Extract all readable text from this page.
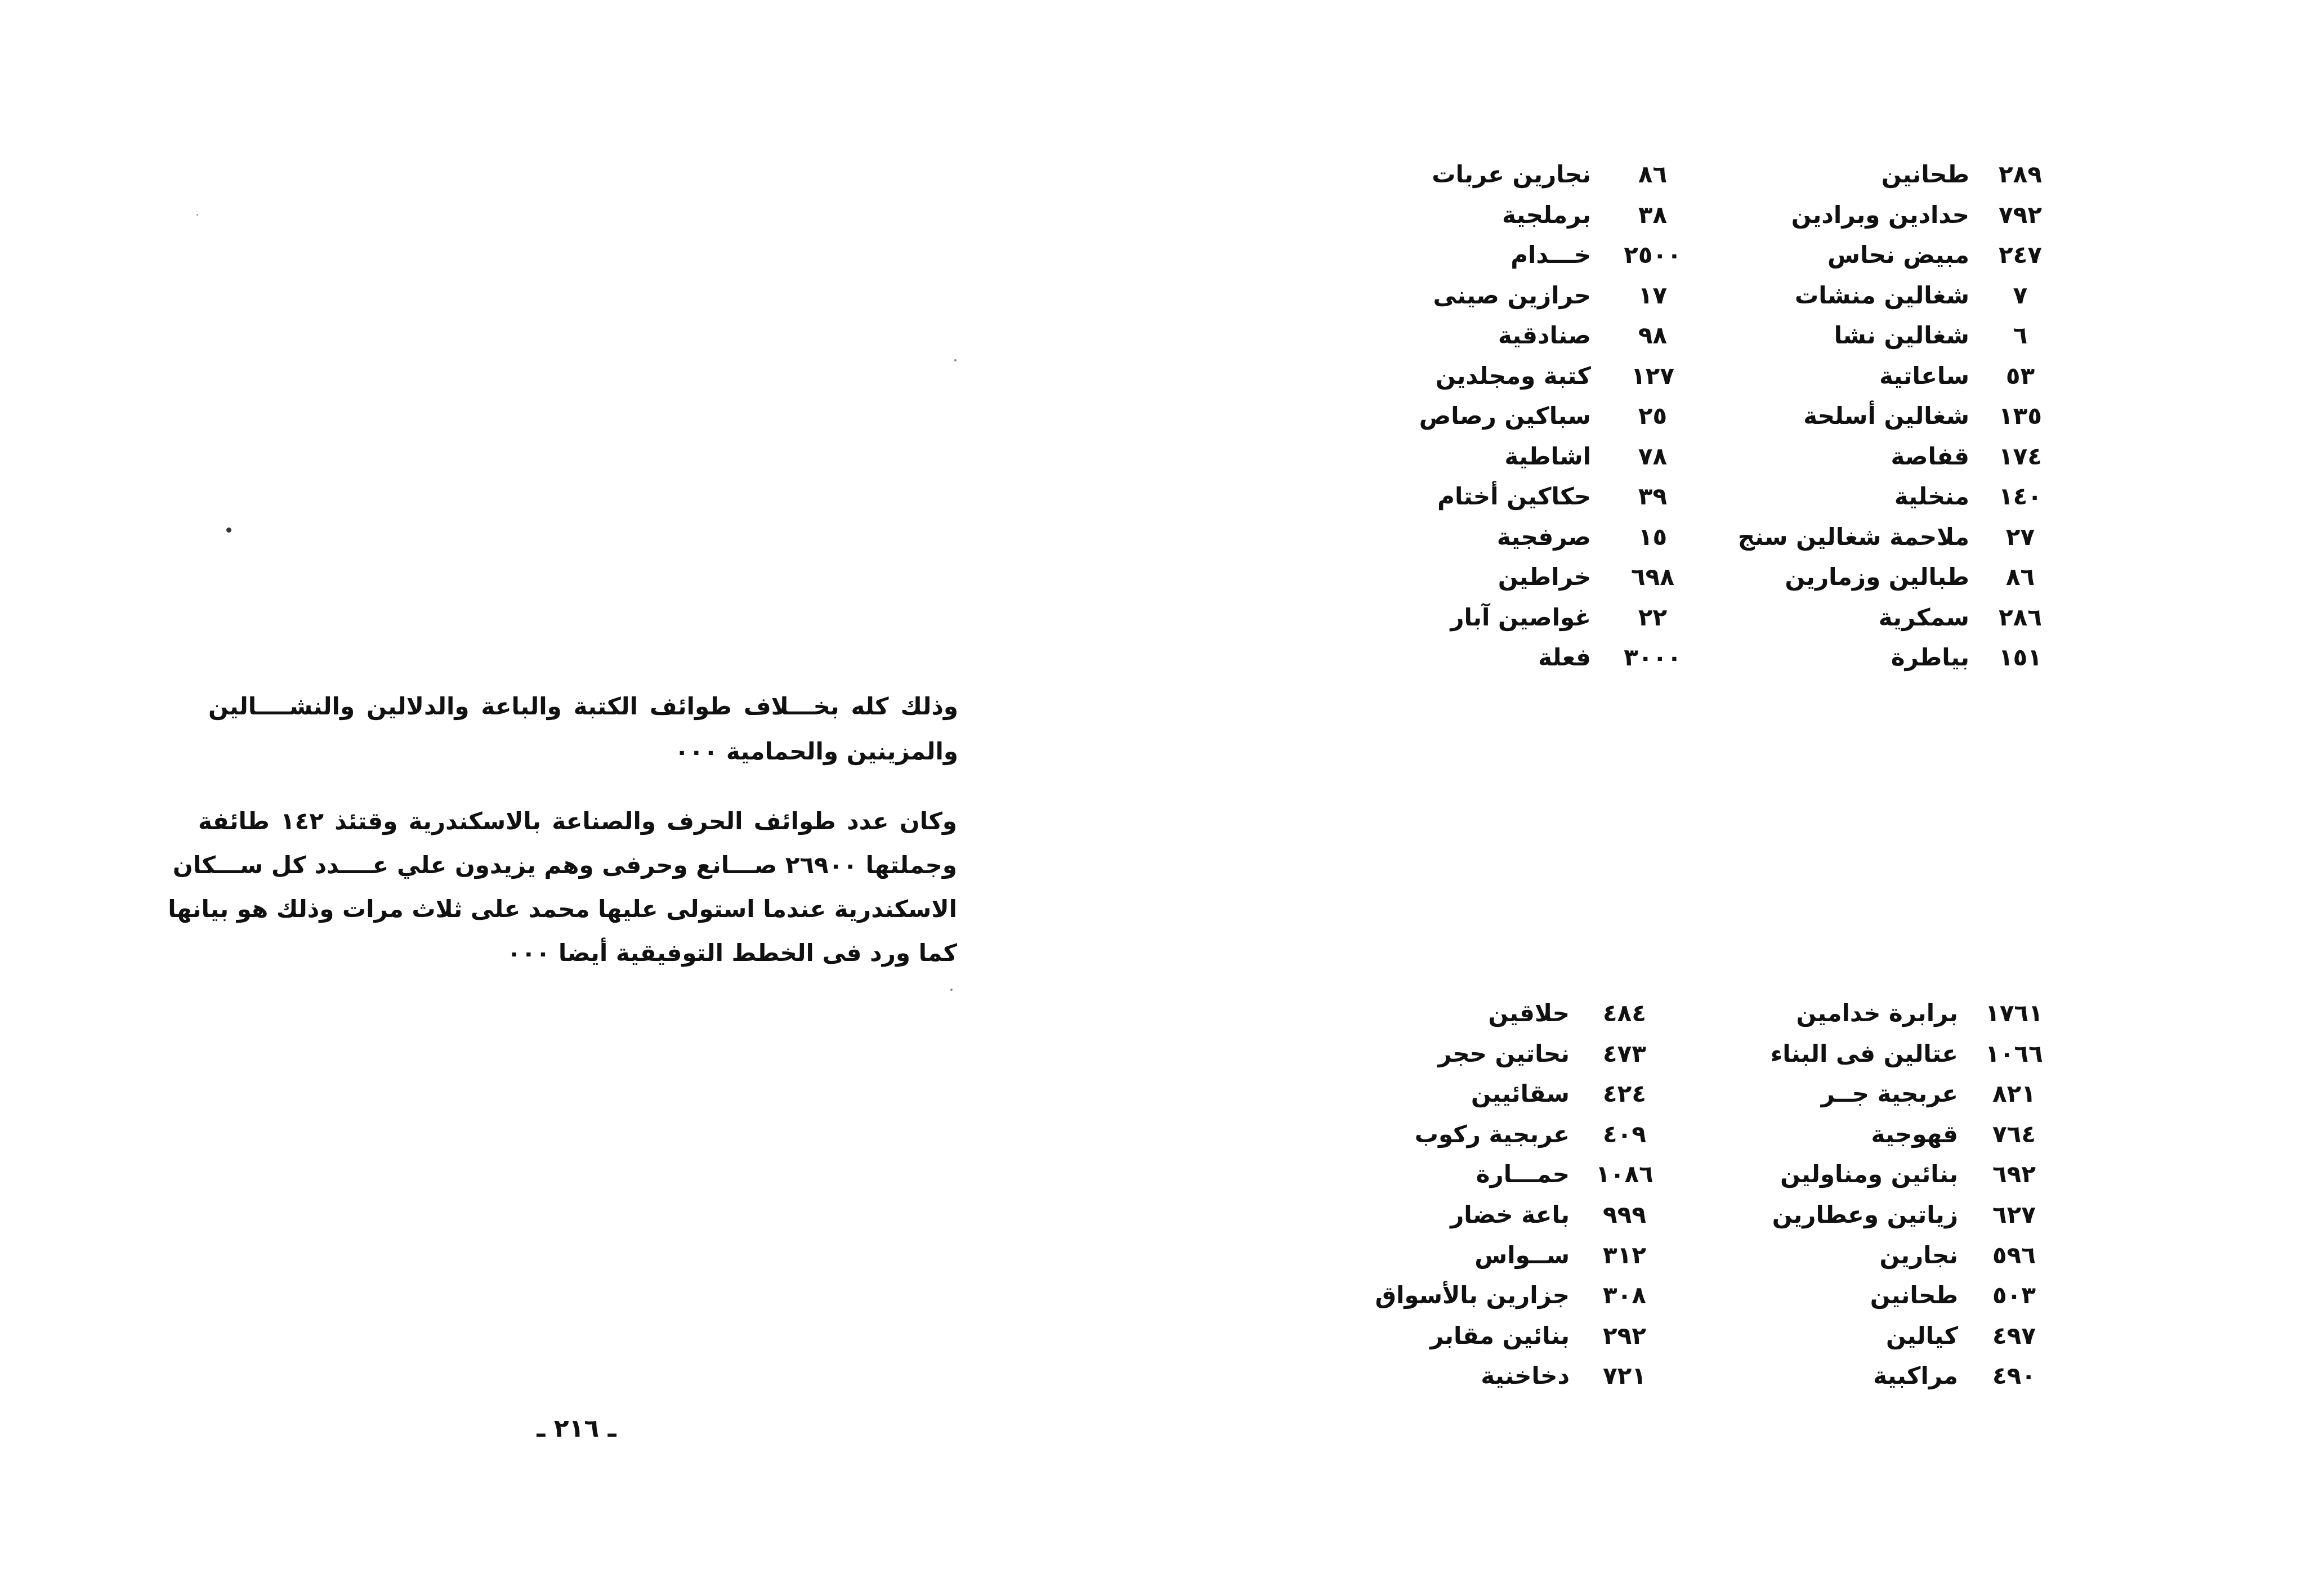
٢٨٩
طحانين
٧٩٢
حدادين وبرادين
٢٤٧
مبيض نحاس
٧
شغالين منشات
٦
شغالين نشا
٥٣
ساعاتية
١٣٥
شغالين أسلحة
١٧٤
قفاصة
١٤٠
منخلية
٢٧
ملاحمة شغالين سنج
٨٦
طبالين وزمارين
٢٨٦
سمكرية
١٥١
بياطرة
٨٦
نجارين عربات
٣٨
برملجية
٢٥٠٠
خـــدام
١٧
حرازين صينى
٩٨
صنادقية
١٢٧
كتبة ومجلدين
٢٥
سباكين رصاص
٧٨
اشاطية
٣٩
حكاكين أختام
١٥
صرفجية
٦٩٨
خراطين
٢٢
غواصين آبار
٣٠٠٠
فعلة
وذلك كله بخـــلاف طوائف الكتبة والباعة والدلالين والنشــــالين
والمزينين والحمامية ٠٠٠
وكان عدد طوائف الحرف والصناعة بالاسكندرية وقتئذ ١٤٢ طائفة
وجملتها ٢٦٩٠٠ صـــانع وحرفى وهم يزيدون علي عــــدد كل ســـكان
الاسكندرية عندما استولى عليها محمد على ثلاث مرات وذلك هو بيانها
كما ورد فى الخطط التوفيقية أيضا ٠٠٠
١٧٦١
برابرة خدامين
١٠٦٦
عتالين فى البناء
٨٢١
عربجية جــر
٧٦٤
قهوجية
٦٩٢
بنائين ومناولين
٦٢٧
زياتين وعطارين
٥٩٦
نجارين
٥٠٣
طحانين
٤٩٧
كيالين
٤٩٠
مراكبية
٤٨٤
حلاقين
٤٧٣
نحاتين حجر
٤٢٤
سقائيين
٤٠٩
عربجية ركوب
١٠٨٦
حمـــارة
٩٩٩
باعة خضار
٣١٢
ســواس
٣٠٨
جزارين بالأسواق
٢٩٢
بنائين مقابر
٧٢١
دخاخنية
ـ ٢١٦ ـ
